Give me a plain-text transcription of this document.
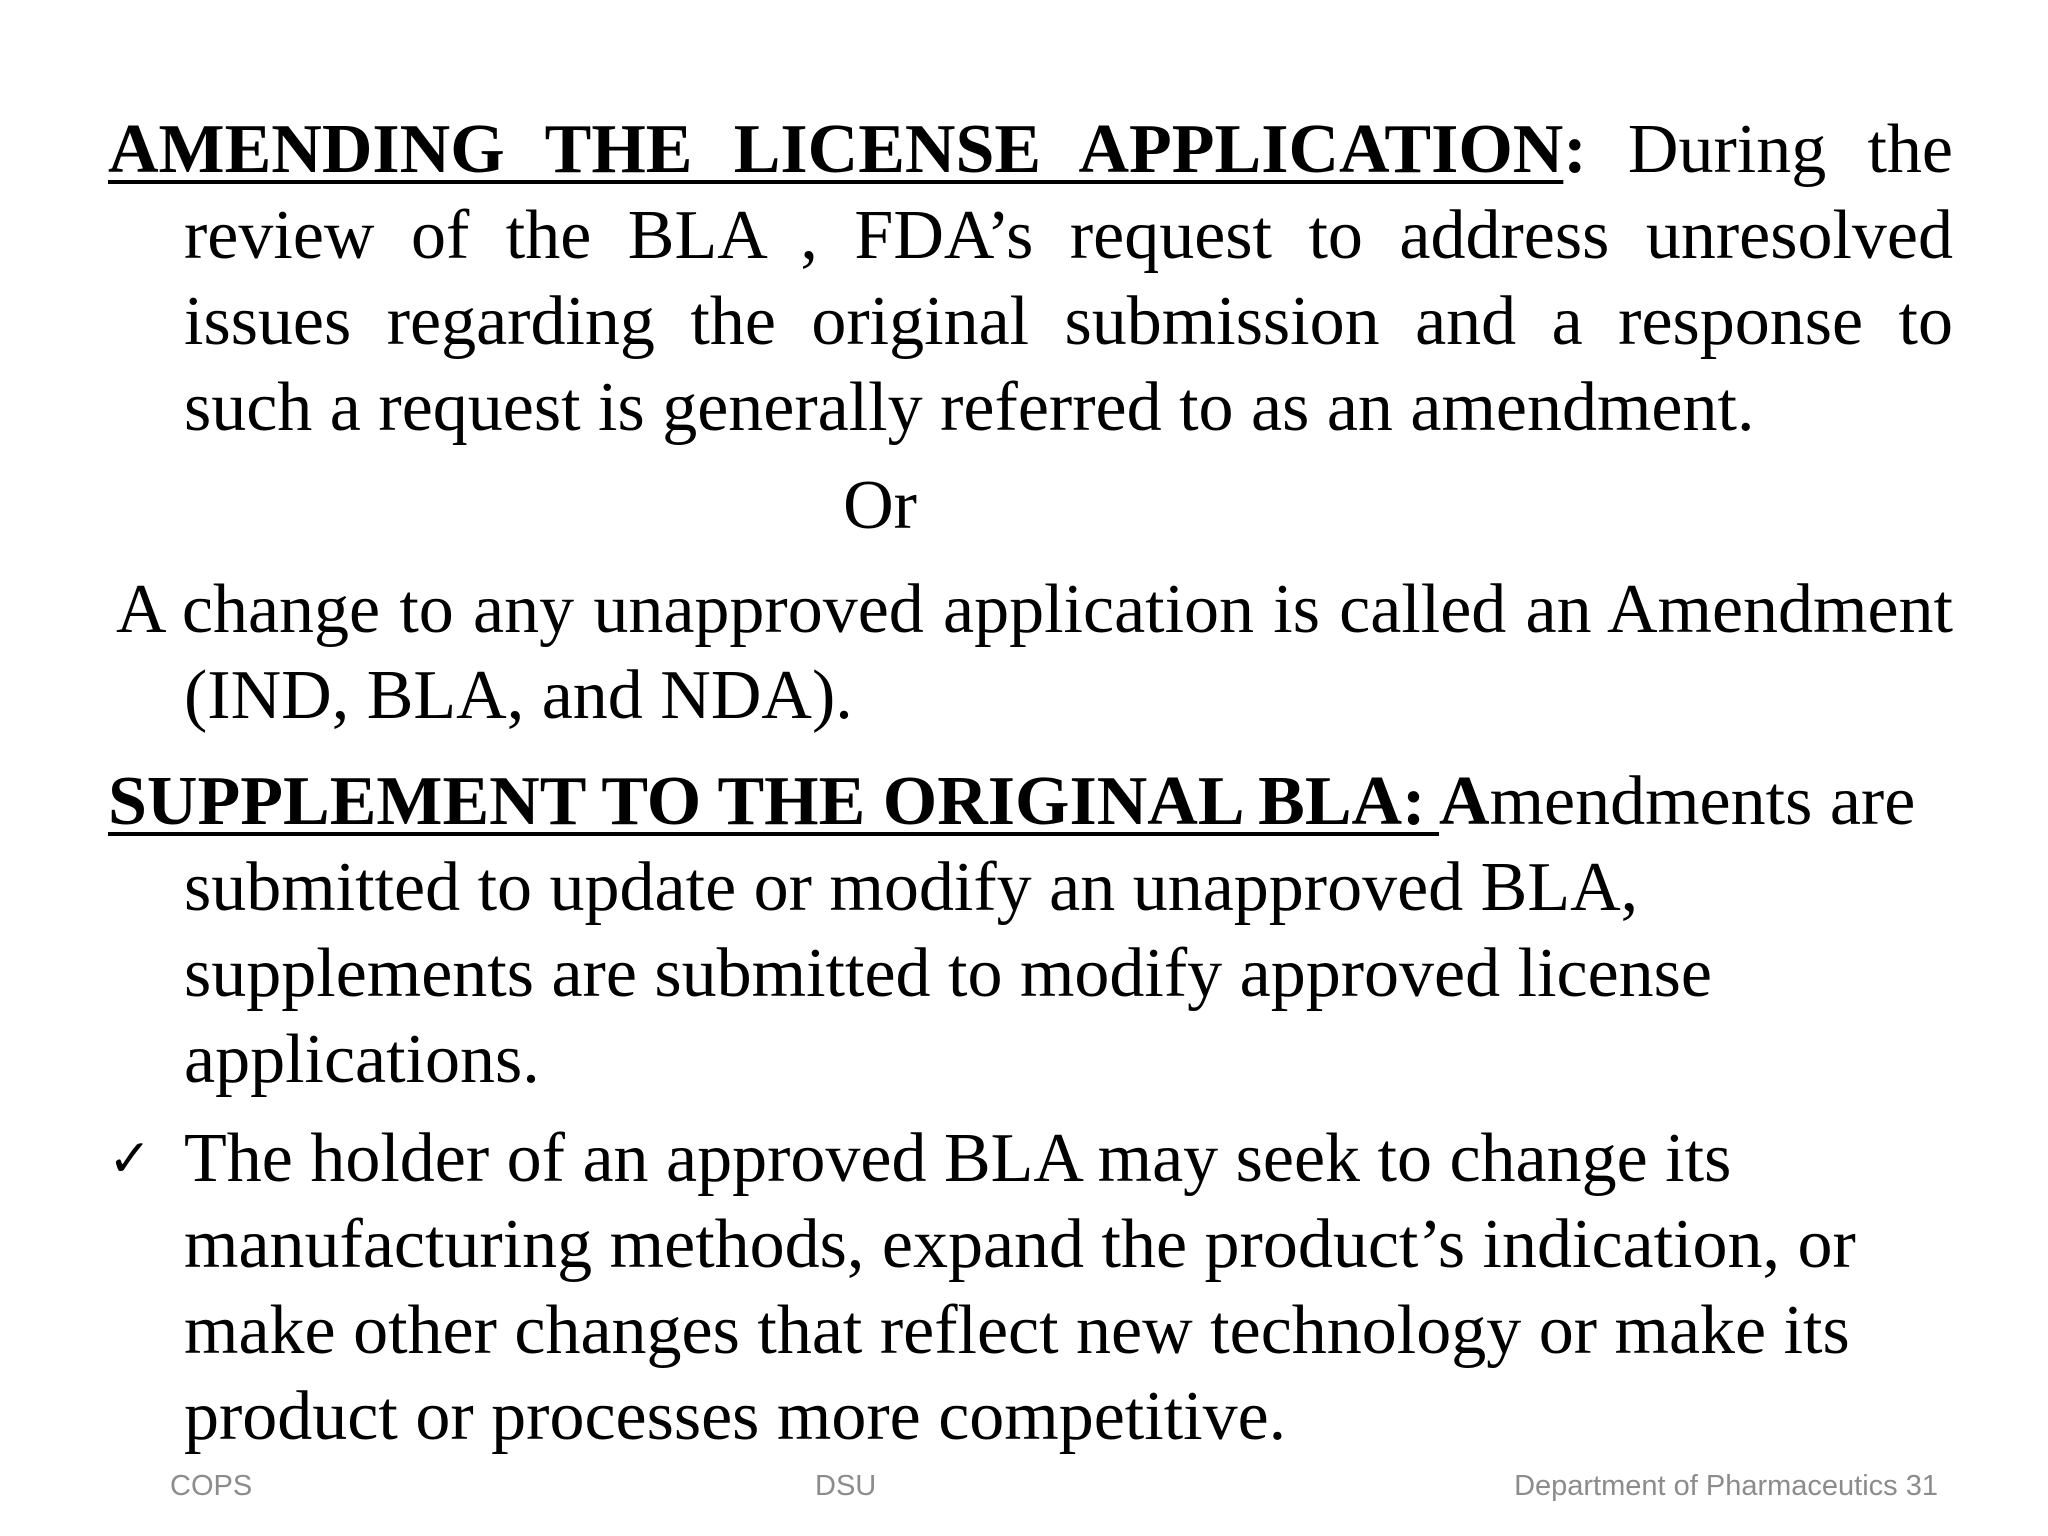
AMENDING THE LICENSE APPLICATION: During the review of the BLA , FDA’s request to address unresolved issues regarding the original submission and a response to such a request is generally referred to as an amendment.
Or
A change to any unapproved application is called an Amendment (IND, BLA, and NDA).
SUPPLEMENT TO THE ORIGINAL BLA: Amendments are submitted to update or modify an unapproved BLA, supplements are submitted to modify approved license applications.
✓ The holder of an approved BLA may seek to change its manufacturing methods, expand the product’s indication, or make other changes that reflect new technology or make its product or processes more competitive.
COPS	DSU	Department of Pharmaceutics 31
